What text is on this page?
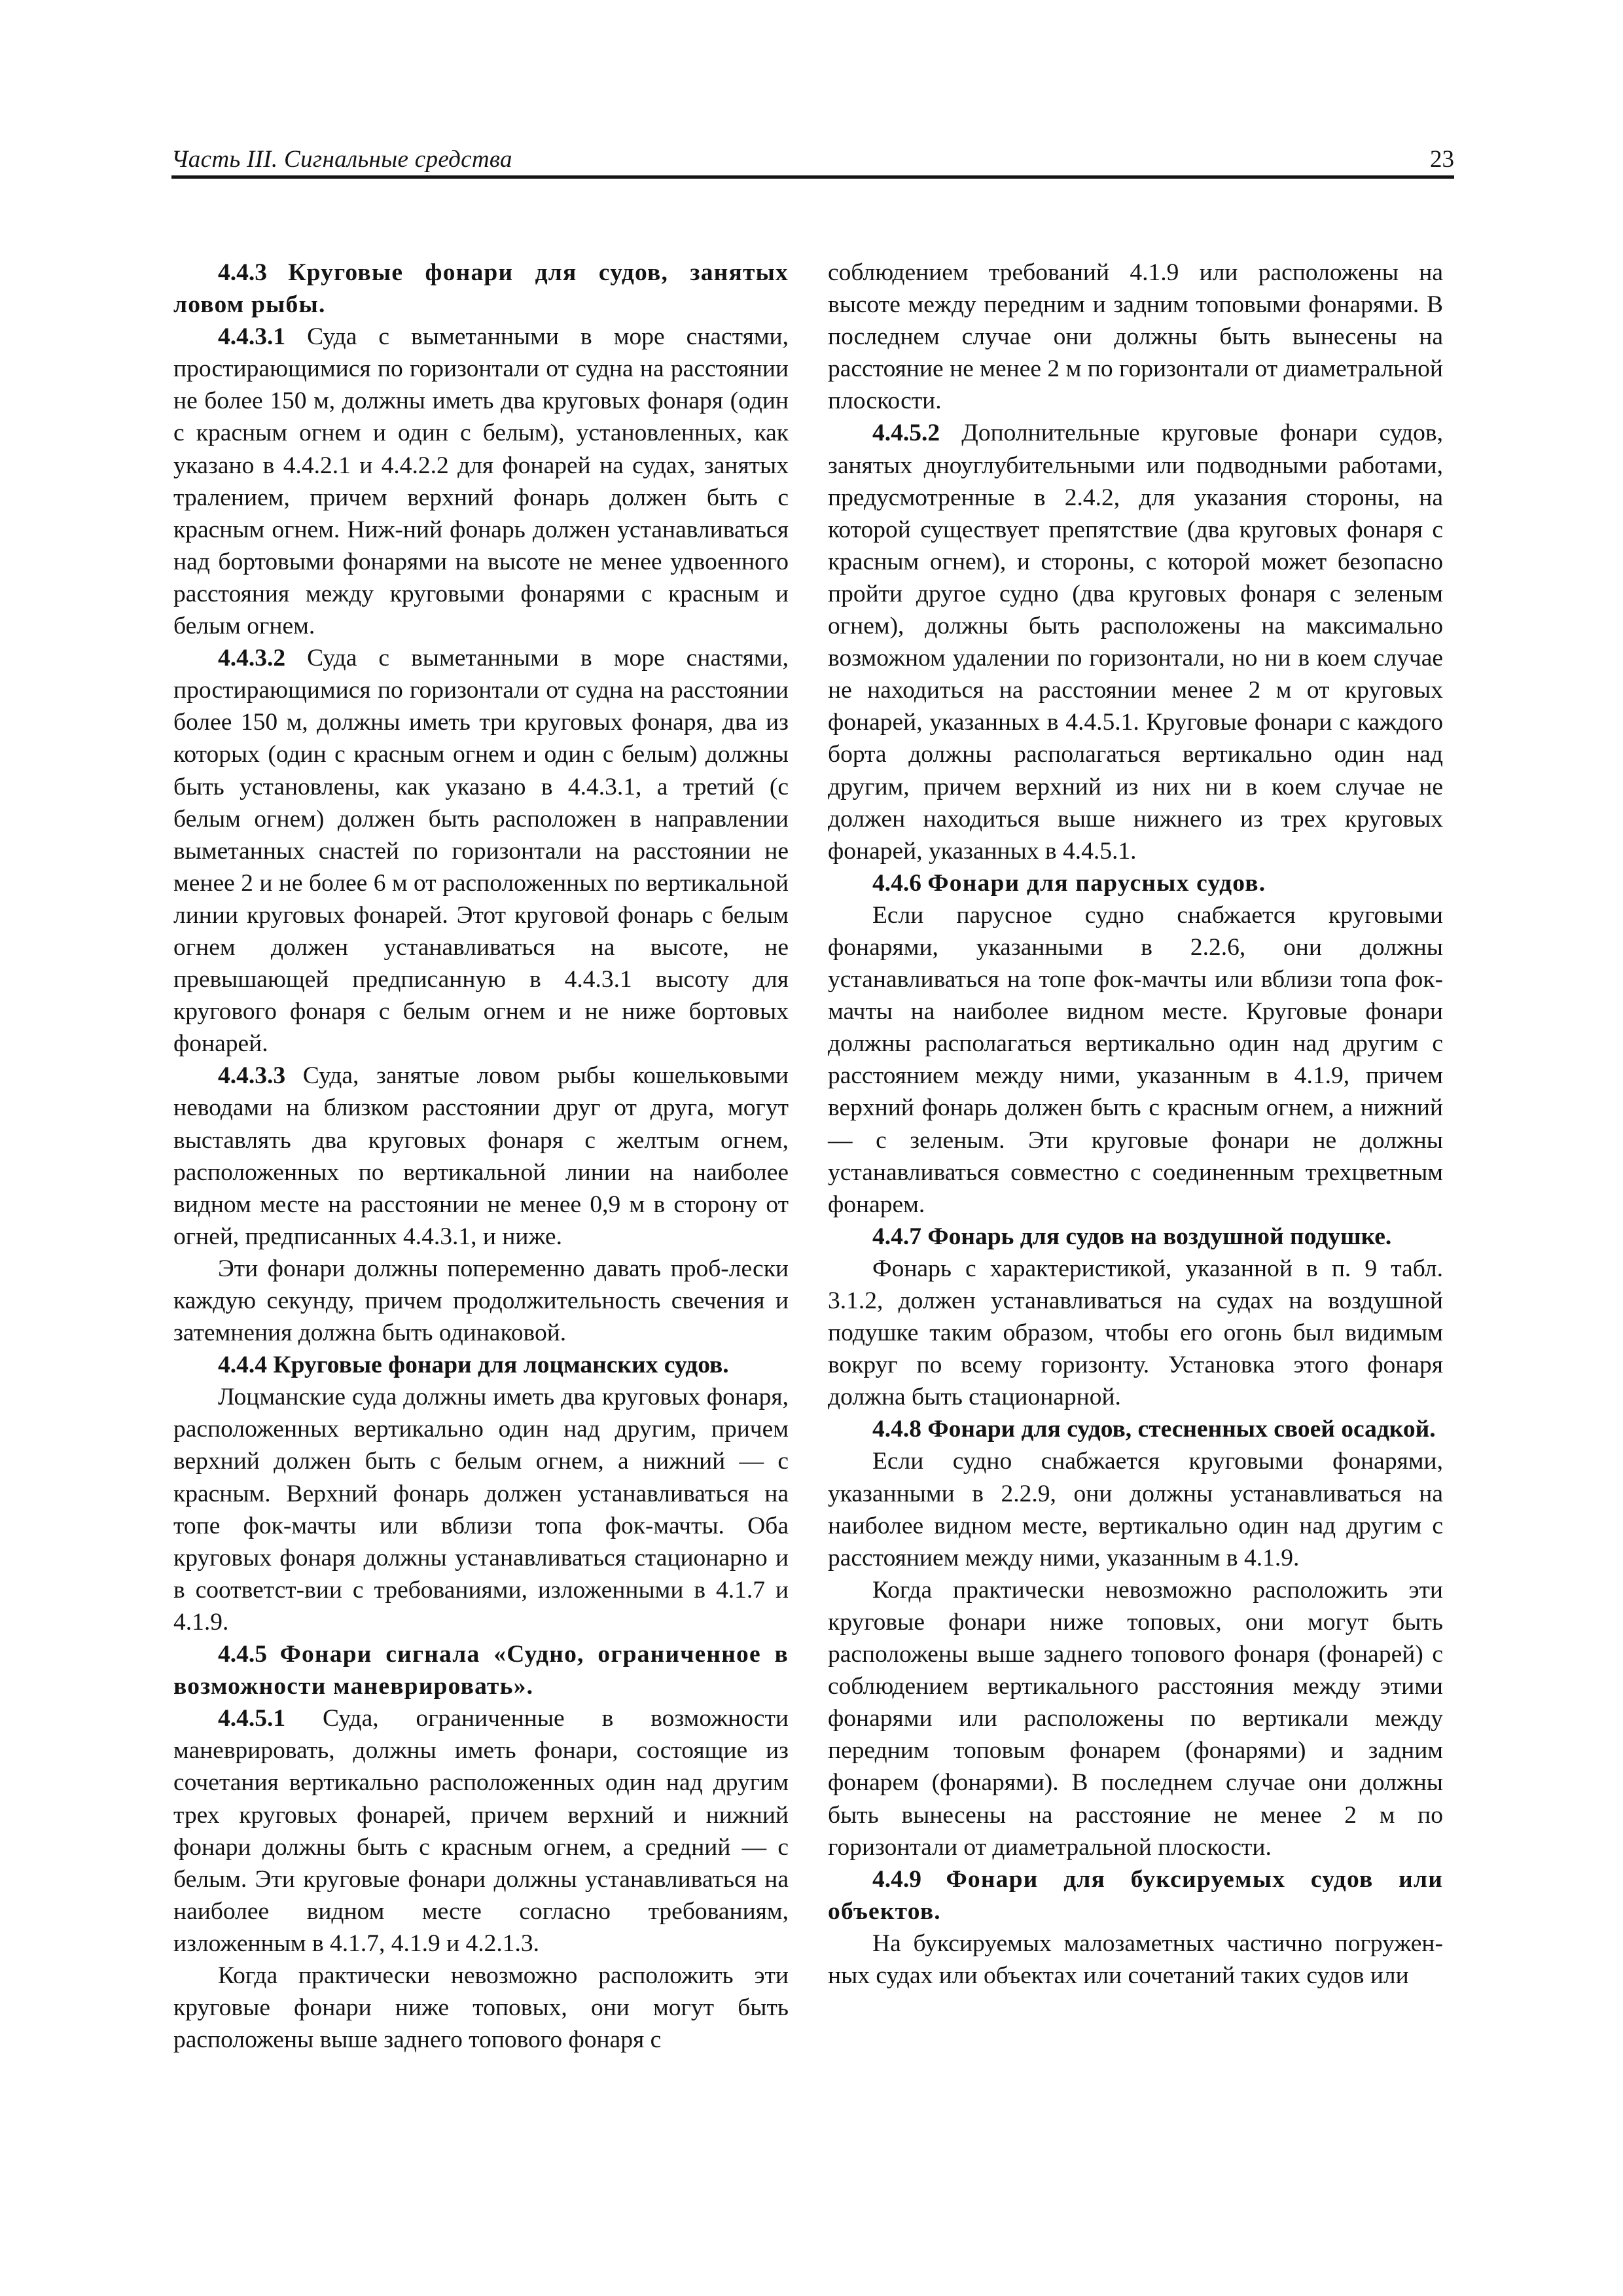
Часть III. Сигнальные средства	23

4.4.3 Круговые фонари для судов, занятых ловом рыбы.

4.4.3.1 Суда с выметанными в море снастями, простирающимися по горизонтали от судна на расстоянии не более 150 м, должны иметь два круговых фонаря (один с красным огнем и один с белым), установленных, как указано в 4.4.2.1 и 4.4.2.2 для фонарей на судах, занятых тралением, причем верхний фонарь должен быть с красным огнем. Ниж-ний фонарь должен устанавливаться над бортовыми фонарями на высоте не менее удвоенного расстояния между круговыми фонарями с красным и белым огнем.

4.4.3.2 Суда с выметанными в море снастями, простирающимися по горизонтали от судна на расстоянии более 150 м, должны иметь три круговых фонаря, два из которых (один с красным огнем и один с белым) должны быть установлены, как указано в 4.4.3.1, а третий (с белым огнем) должен быть расположен в направлении выметанных снастей по горизонтали на расстоянии не менее 2 и не более 6 м от расположенных по вертикальной линии круговых фонарей. Этот круговой фонарь с белым огнем должен устанавливаться на высоте, не превышающей предписанную в 4.4.3.1 высоту для кругового фонаря с белым огнем и не ниже бортовых фонарей.

4.4.3.3 Суда, занятые ловом рыбы кошельковыми неводами на близком расстоянии друг от друга, могут выставлять два круговых фонаря с желтым огнем, расположенных по вертикальной линии на наиболее видном месте на расстоянии не менее 0,9 м в сторону от огней, предписанных 4.4.3.1, и ниже.

Эти фонари должны попеременно давать проб-лески каждую секунду, причем продолжительность свечения и затемнения должна быть одинаковой.

4.4.4 Круговые фонари для лоцманских судов.

Лоцманские суда должны иметь два круговых фонаря, расположенных вертикально один над другим, причем верхний должен быть с белым огнем, а нижний — с красным. Верхний фонарь должен устанавливаться на топе фок-мачты или вблизи топа фок-мачты. Оба круговых фонаря должны устанавливаться стационарно и в соответст-вии с требованиями, изложенными в 4.1.7 и 4.1.9.

4.4.5 Фонари сигнала «Судно, ограниченное в возможности маневрировать».

4.4.5.1 Суда, ограниченные в возможности маневрировать, должны иметь фонари, состоящие из сочетания вертикально расположенных один над другим трех круговых фонарей, причем верхний и нижний фонари должны быть с красным огнем, а средний — с белым. Эти круговые фонари должны устанавливаться на наиболее видном месте согласно требованиям, изложенным в 4.1.7, 4.1.9 и 4.2.1.3.

Когда практически невозможно расположить эти круговые фонари ниже топовых, они могут быть расположены выше заднего топового фонаря с

соблюдением требований 4.1.9 или расположены на высоте между передним и задним топовыми фонарями. В последнем случае они должны быть вынесены на расстояние не менее 2 м по горизонтали от диаметральной плоскости.

4.4.5.2 Дополнительные круговые фонари судов, занятых дноуглубительными или подводными работами, предусмотренные в 2.4.2, для указания стороны, на которой существует препятствие (два круговых фонаря с красным огнем), и стороны, с которой может безопасно пройти другое судно (два круговых фонаря с зеленым огнем), должны быть расположены на максимально возможном удалении по горизонтали, но ни в коем случае не находиться на расстоянии менее 2 м от круговых фонарей, указанных в 4.4.5.1. Круговые фонари с каждого борта должны располагаться вертикально один над другим, причем верхний из них ни в коем случае не должен находиться выше нижнего из трех круговых фонарей, указанных в 4.4.5.1.

4.4.6 Фонари для парусных судов.

Если парусное судно снабжается круговыми фонарями, указанными в 2.2.6, они должны устанавливаться на топе фок-мачты или вблизи топа фок-мачты на наиболее видном месте. Круговые фонари должны располагаться вертикально один над другим с расстоянием между ними, указанным в 4.1.9, причем верхний фонарь должен быть с красным огнем, а нижний — с зеленым. Эти круговые фонари не должны устанавливаться совместно с соединенным трехцветным фонарем.

4.4.7 Фонарь для судов на воздушной подушке.

Фонарь с характеристикой, указанной в п. 9 табл. 3.1.2, должен устанавливаться на судах на воздушной подушке таким образом, чтобы его огонь был видимым вокруг по всему горизонту. Установка этого фонаря должна быть стационарной.

4.4.8 Фонари для судов, стесненных своей осадкой.

Если судно снабжается круговыми фонарями, указанными в 2.2.9, они должны устанавливаться на наиболее видном месте, вертикально один над другим с расстоянием между ними, указанным в 4.1.9.

Когда практически невозможно расположить эти круговые фонари ниже топовых, они могут быть расположены выше заднего топового фонаря (фонарей) с соблюдением вертикального расстояния между этими фонарями или расположены по вертикали между передним топовым фонарем (фонарями) и задним фонарем (фонарями). В последнем случае они должны быть вынесены на расстояние не менее 2 м по горизонтали от диаметральной плоскости.

4.4.9 Фонари для буксируемых судов или объектов.

На буксируемых малозаметных частично погружен-ных судах или объектах или сочетаний таких судов или
